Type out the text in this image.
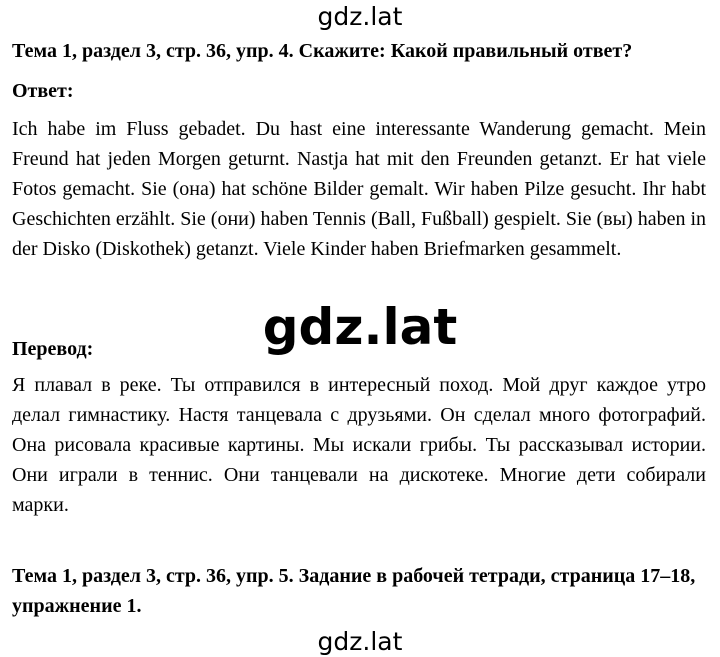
gdz.lat
Тема 1, раздел 3, стр. 36, упр. 4. Скажите: Какой правильный ответ?
Ответ:
Ich habe im Fluss gebadet. Du hast eine interessante Wanderung gemacht. Mein Freund hat jeden Morgen geturnt. Nastja hat mit den Freunden getanzt. Er hat viele Fotos gemacht. Sie (она) hat schöne Bilder gemalt. Wir haben Pilze gesucht. Ihr habt Geschichten erzählt. Sie (они) haben Tennis (Ball, Fußball) gespielt. Sie (вы) haben in der Disko (Diskothek) getanzt. Viele Kinder haben Briefmarken gesammelt.
gdz.lat
Перевод:
Я плавал в реке. Ты отправился в интересный поход. Мой друг каждое утро делал гимнастику. Настя танцевала с друзьями. Он сделал много фотографий. Она рисовала красивые картины. Мы искали грибы. Ты рассказывал истории. Они играли в теннис. Они танцевали на дискотеке. Многие дети собирали марки.
Тема 1, раздел 3, стр. 36, упр. 5. Задание в рабочей тетради, страница 17–18, упражнение 1.
gdz.lat
